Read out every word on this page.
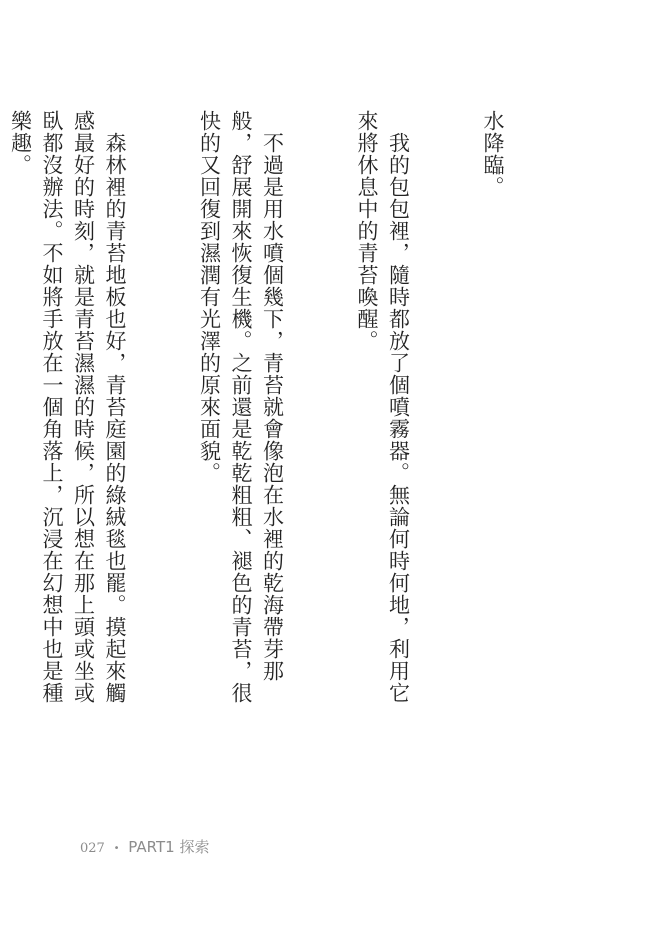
水降臨。

　我的包包裡，隨時都放了個噴霧器。無論何時何地，利用它來將休息中的青苔喚醒。

　不過是用水噴個幾下，青苔就會像泡在水裡的乾海帶芽那般，舒展開來恢復生機。之前還是乾乾粗粗、褪色的青苔，很快的又回復到濕潤有光澤的原來面貌。

　森林裡的青苔地板也好，青苔庭園的綠絨毯也罷。摸起來觸感最好的時刻，就是青苔濕濕的時候，所以想在那上頭或坐或臥都沒辦法。不如將手放在一個角落上，沉浸在幻想中也是種樂趣。

027 • PART1 探索
